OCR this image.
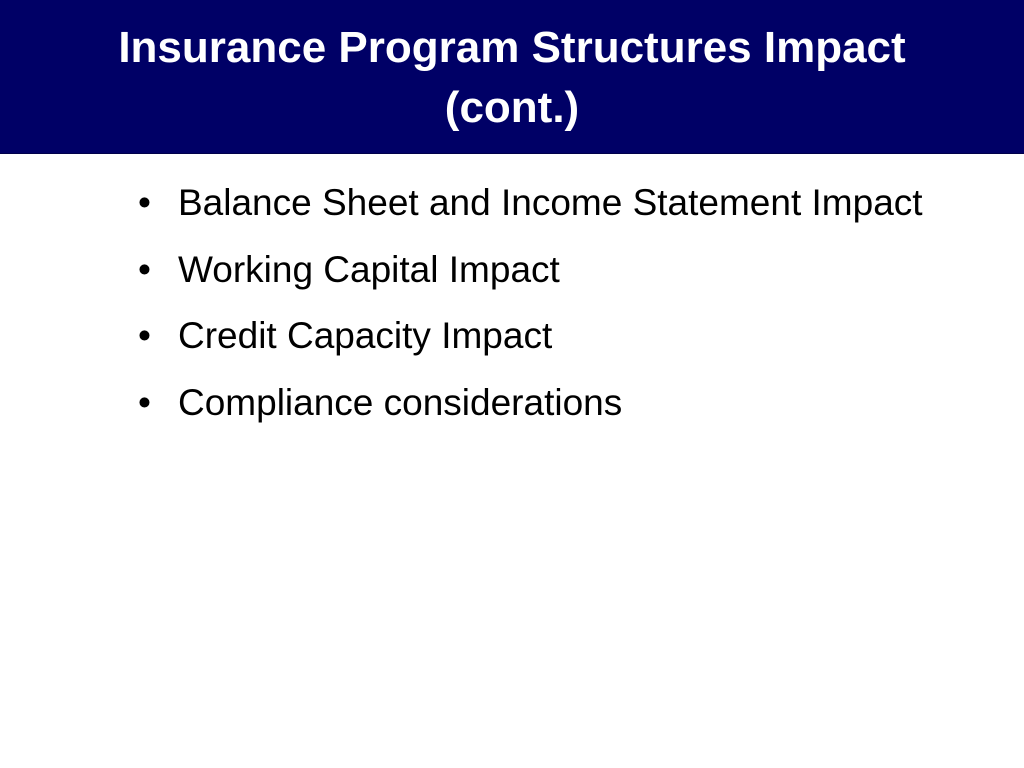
Insurance Program Structures Impact
(cont.)
• Balance Sheet and Income Statement Impact
• Working Capital Impact
• Credit Capacity Impact
• Compliance considerations
